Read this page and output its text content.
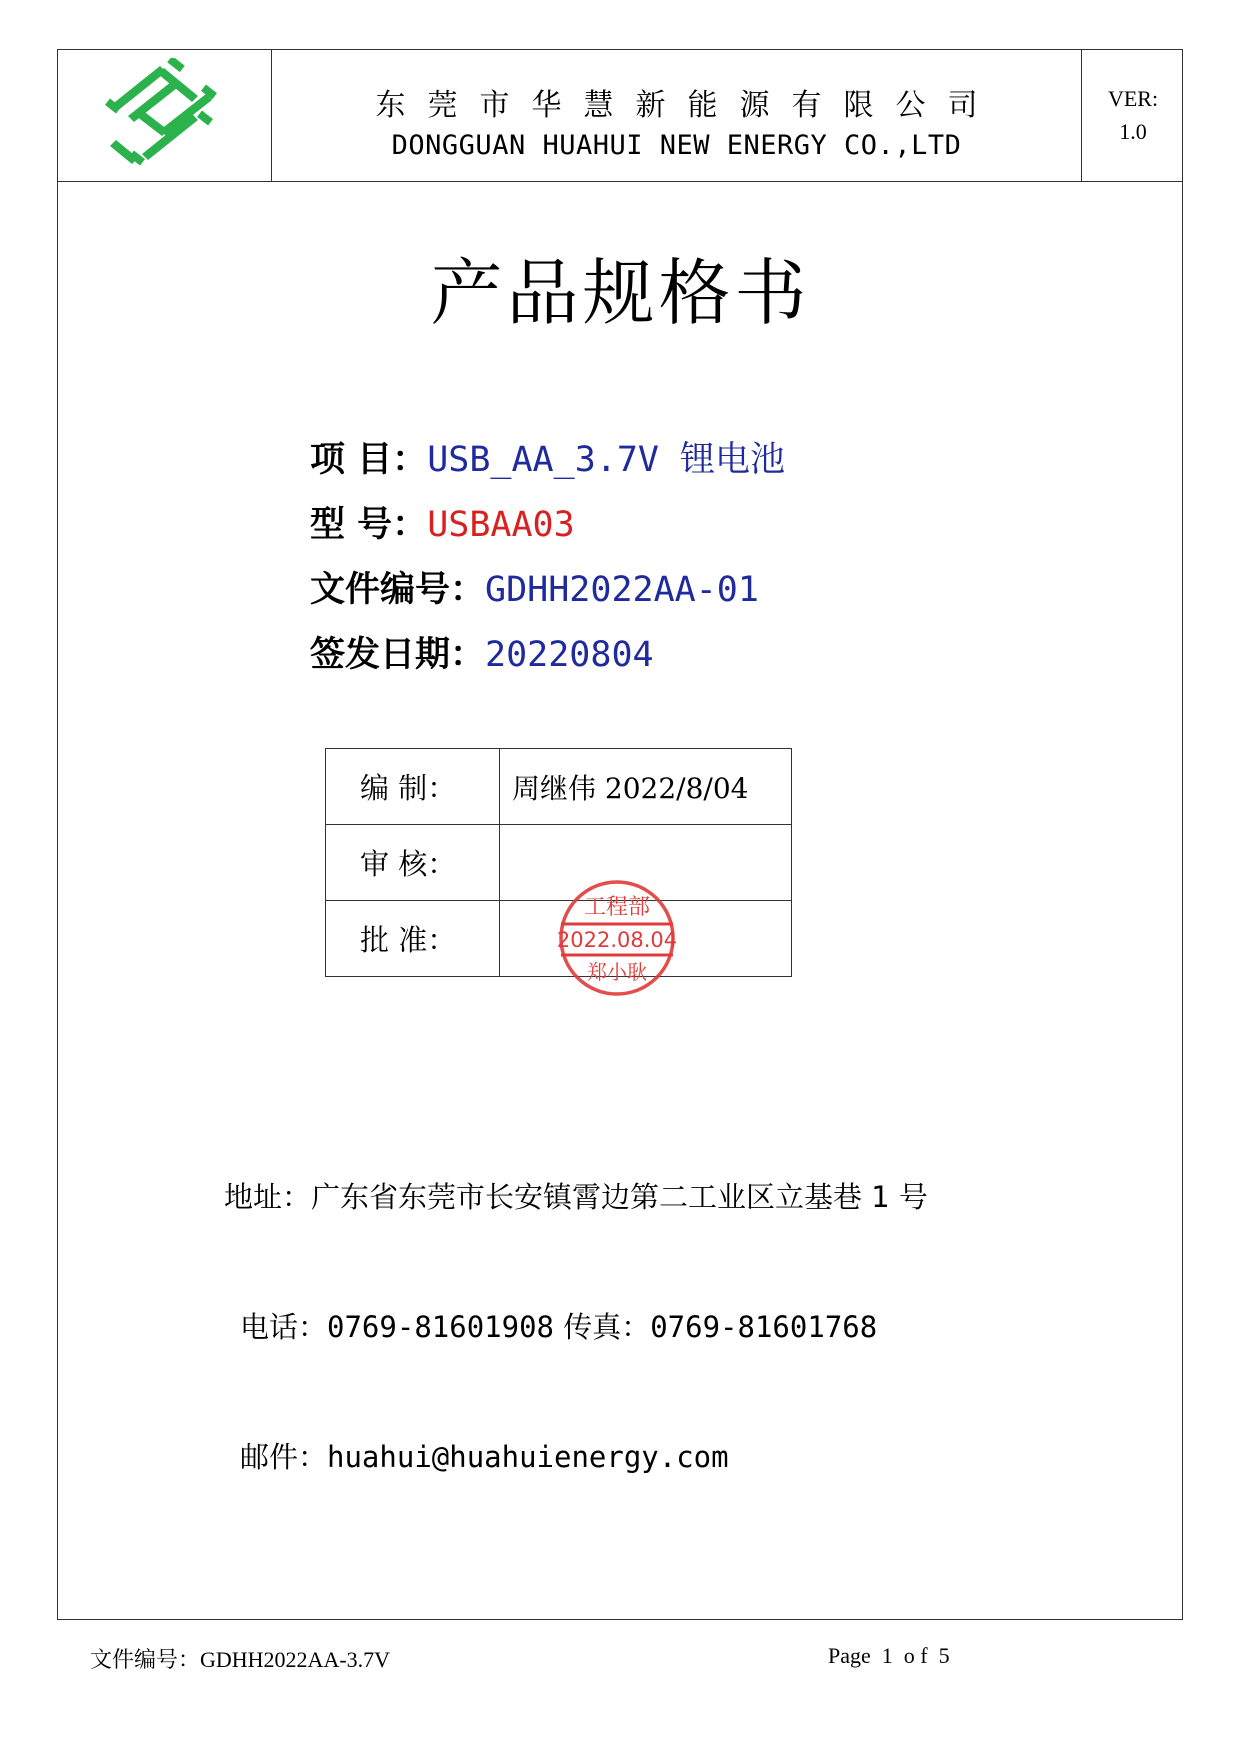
东莞市华慧新能源有限公司
DONGGUAN HUAHUI NEW ENERGY CO.,LTD
VER:
1.0
产品规格书
项 目：USB_AA_3.7V 锂电池
型 号：USBAA03
文件编号：GDHH2022AA-01
签发日期：20220804
编 制：	周继伟 2022/8/04
审 核：	
批 准：	
工程部
2022.08.04
郑小耿
地址：广东省东莞市长安镇霄边第二工业区立基巷 1 号
电话：0769-81601908 传真：0769-81601768
邮件：huahui@huahuienergy.com
文件编号：GDHH2022AA-3.7V	Page  1  o f  5
